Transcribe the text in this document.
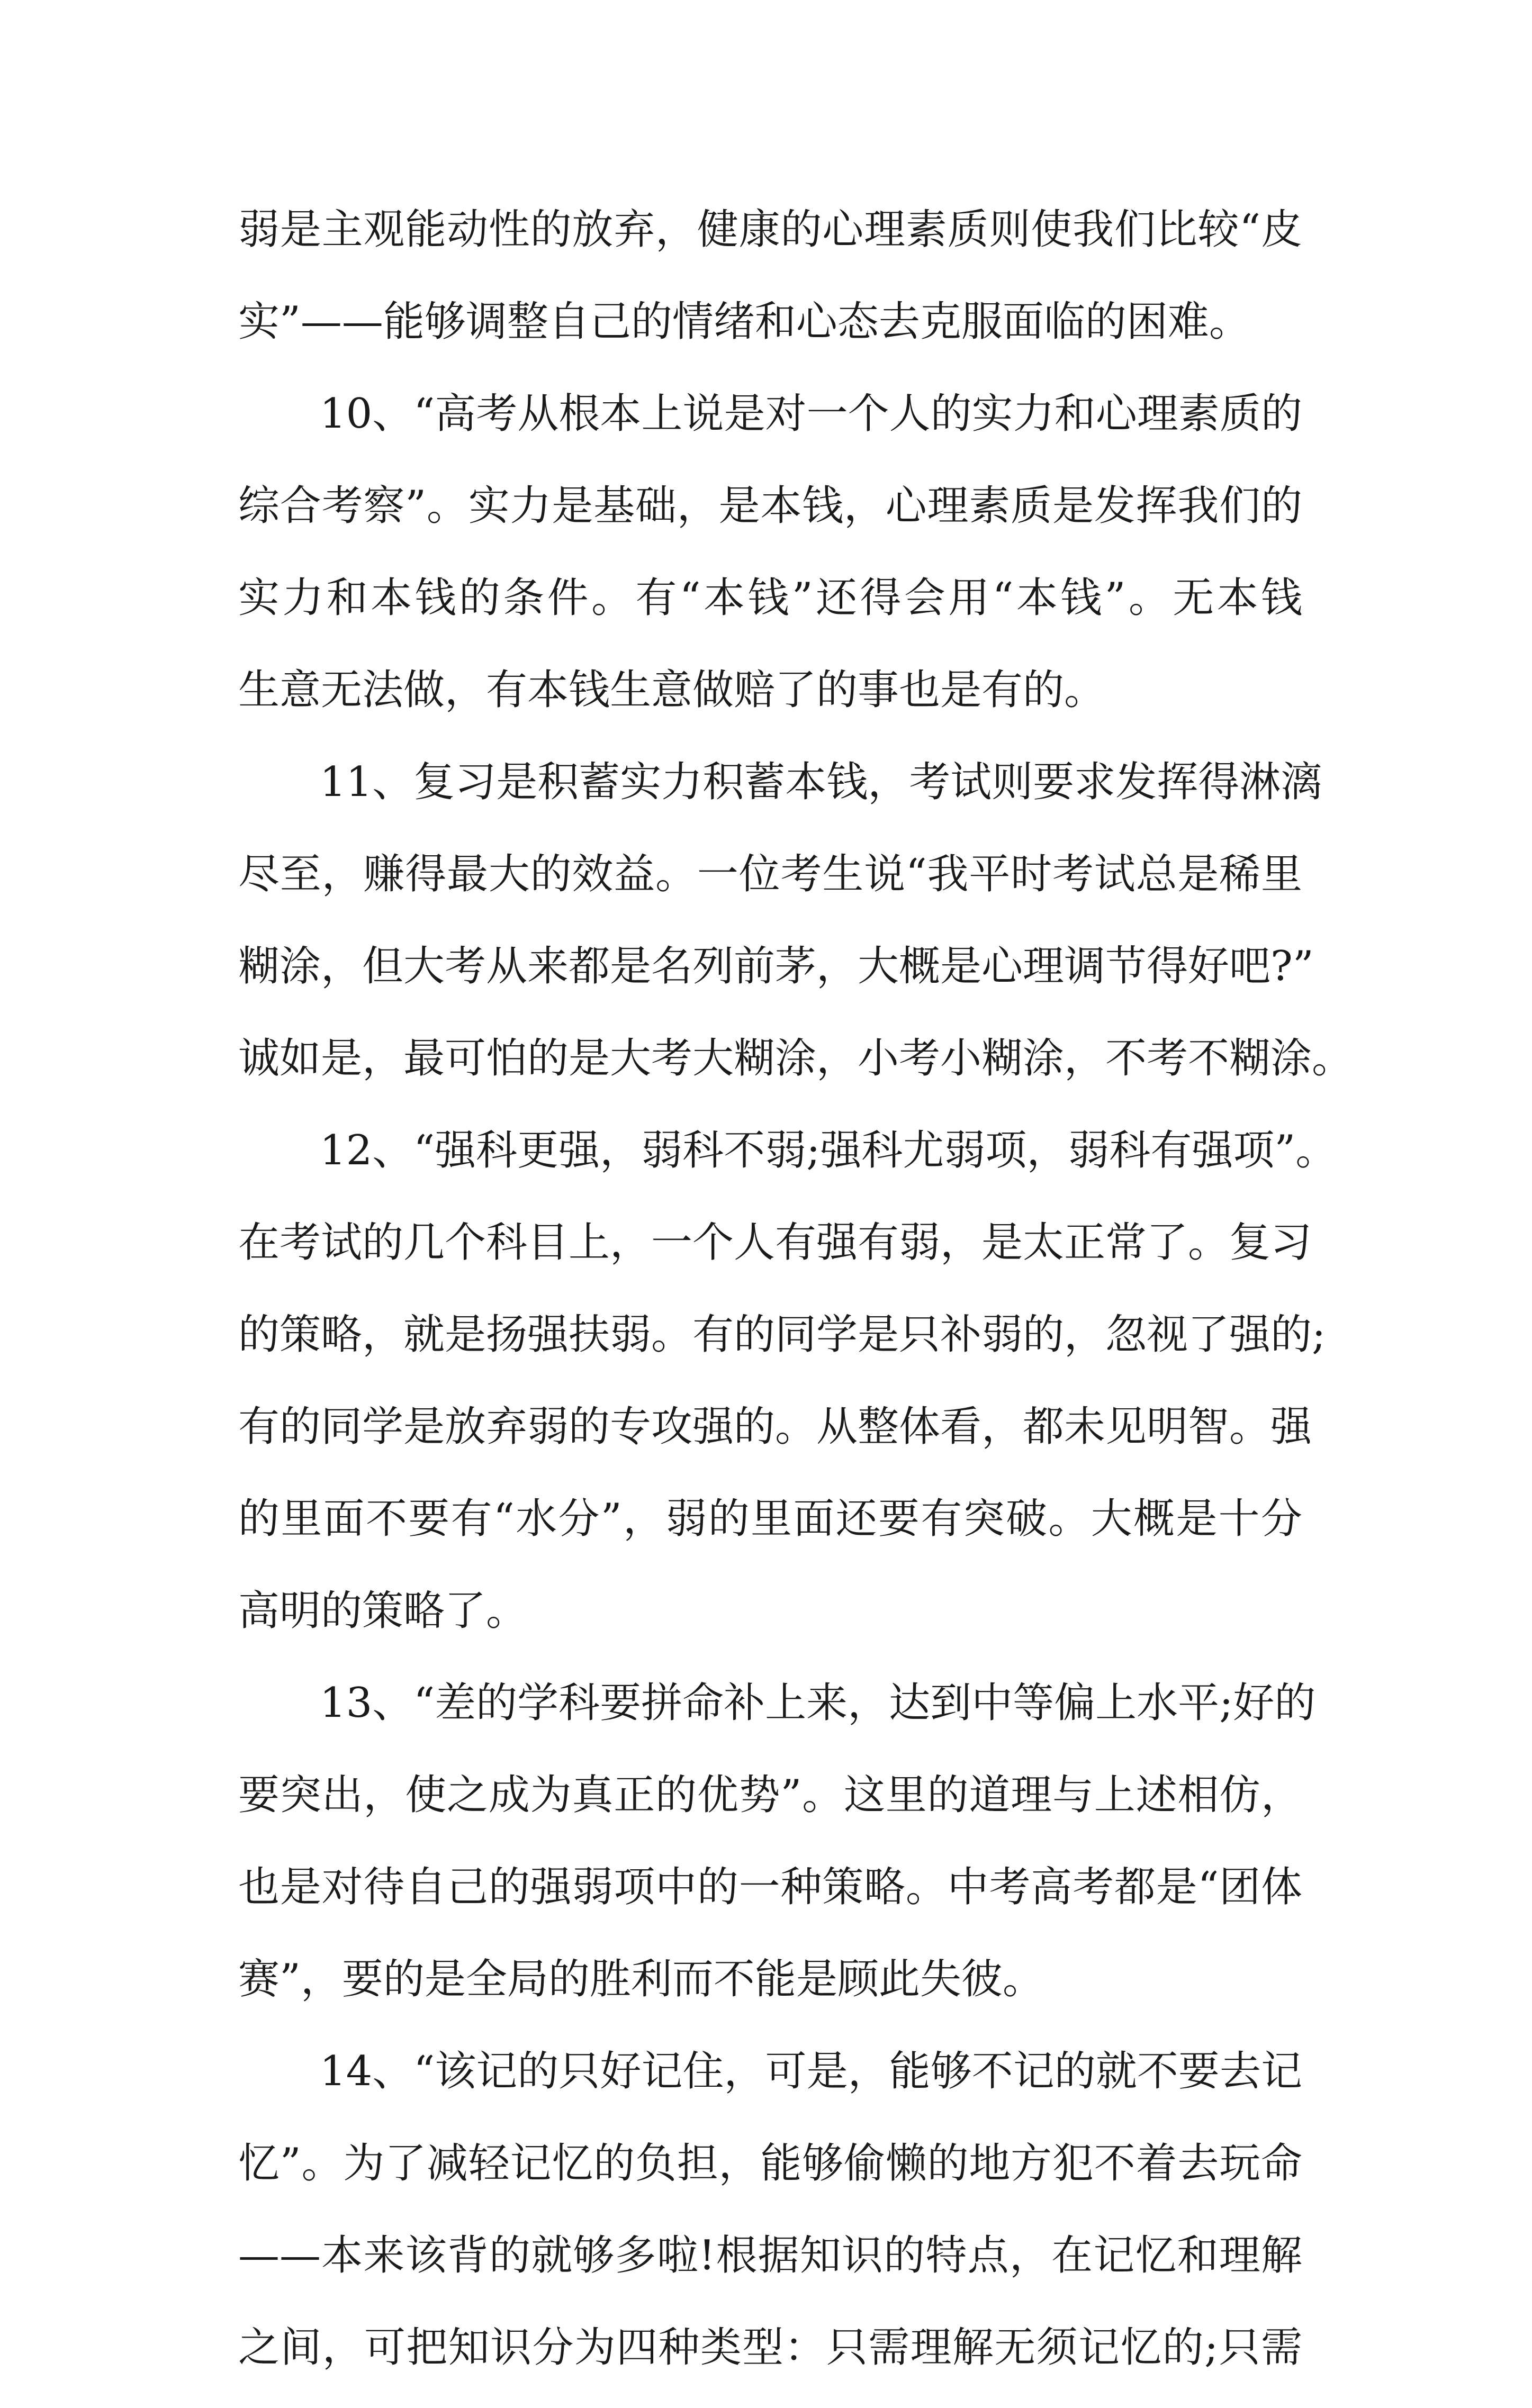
弱是主观能动性的放弃，健康的心理素质则使我们比较“皮
实”——能够调整自己的情绪和心态去克服面临的困难。
10、“高考从根本上说是对一个人的实力和心理素质的
综合考察”。实力是基础，是本钱，心理素质是发挥我们的
实力和本钱的条件。有“本钱”还得会用“本钱”。无本钱
生意无法做，有本钱生意做赔了的事也是有的。
11、复习是积蓄实力积蓄本钱，考试则要求发挥得淋漓
尽至，赚得最大的效益。一位考生说“我平时考试总是稀里
糊涂，但大考从来都是名列前茅，大概是心理调节得好吧?”
诚如是，最可怕的是大考大糊涂，小考小糊涂，不考不糊涂。
12、“强科更强，弱科不弱;强科尤弱项，弱科有强项”。
在考试的几个科目上，一个人有强有弱，是太正常了。复习
的策略，就是扬强扶弱。有的同学是只补弱的，忽视了强的;
有的同学是放弃弱的专攻强的。从整体看，都未见明智。强
的里面不要有“水分”，弱的里面还要有突破。大概是十分
高明的策略了。
13、“差的学科要拼命补上来，达到中等偏上水平;好的
要突出，使之成为真正的优势”。这里的道理与上述相仿，
也是对待自己的强弱项中的一种策略。中考高考都是“团体
赛”，要的是全局的胜利而不能是顾此失彼。
14、“该记的只好记住，可是，能够不记的就不要去记
忆”。为了减轻记忆的负担，能够偷懒的地方犯不着去玩命
——本来该背的就够多啦!根据知识的特点，在记忆和理解
之间，可把知识分为四种类型：只需理解无须记忆的;只需
